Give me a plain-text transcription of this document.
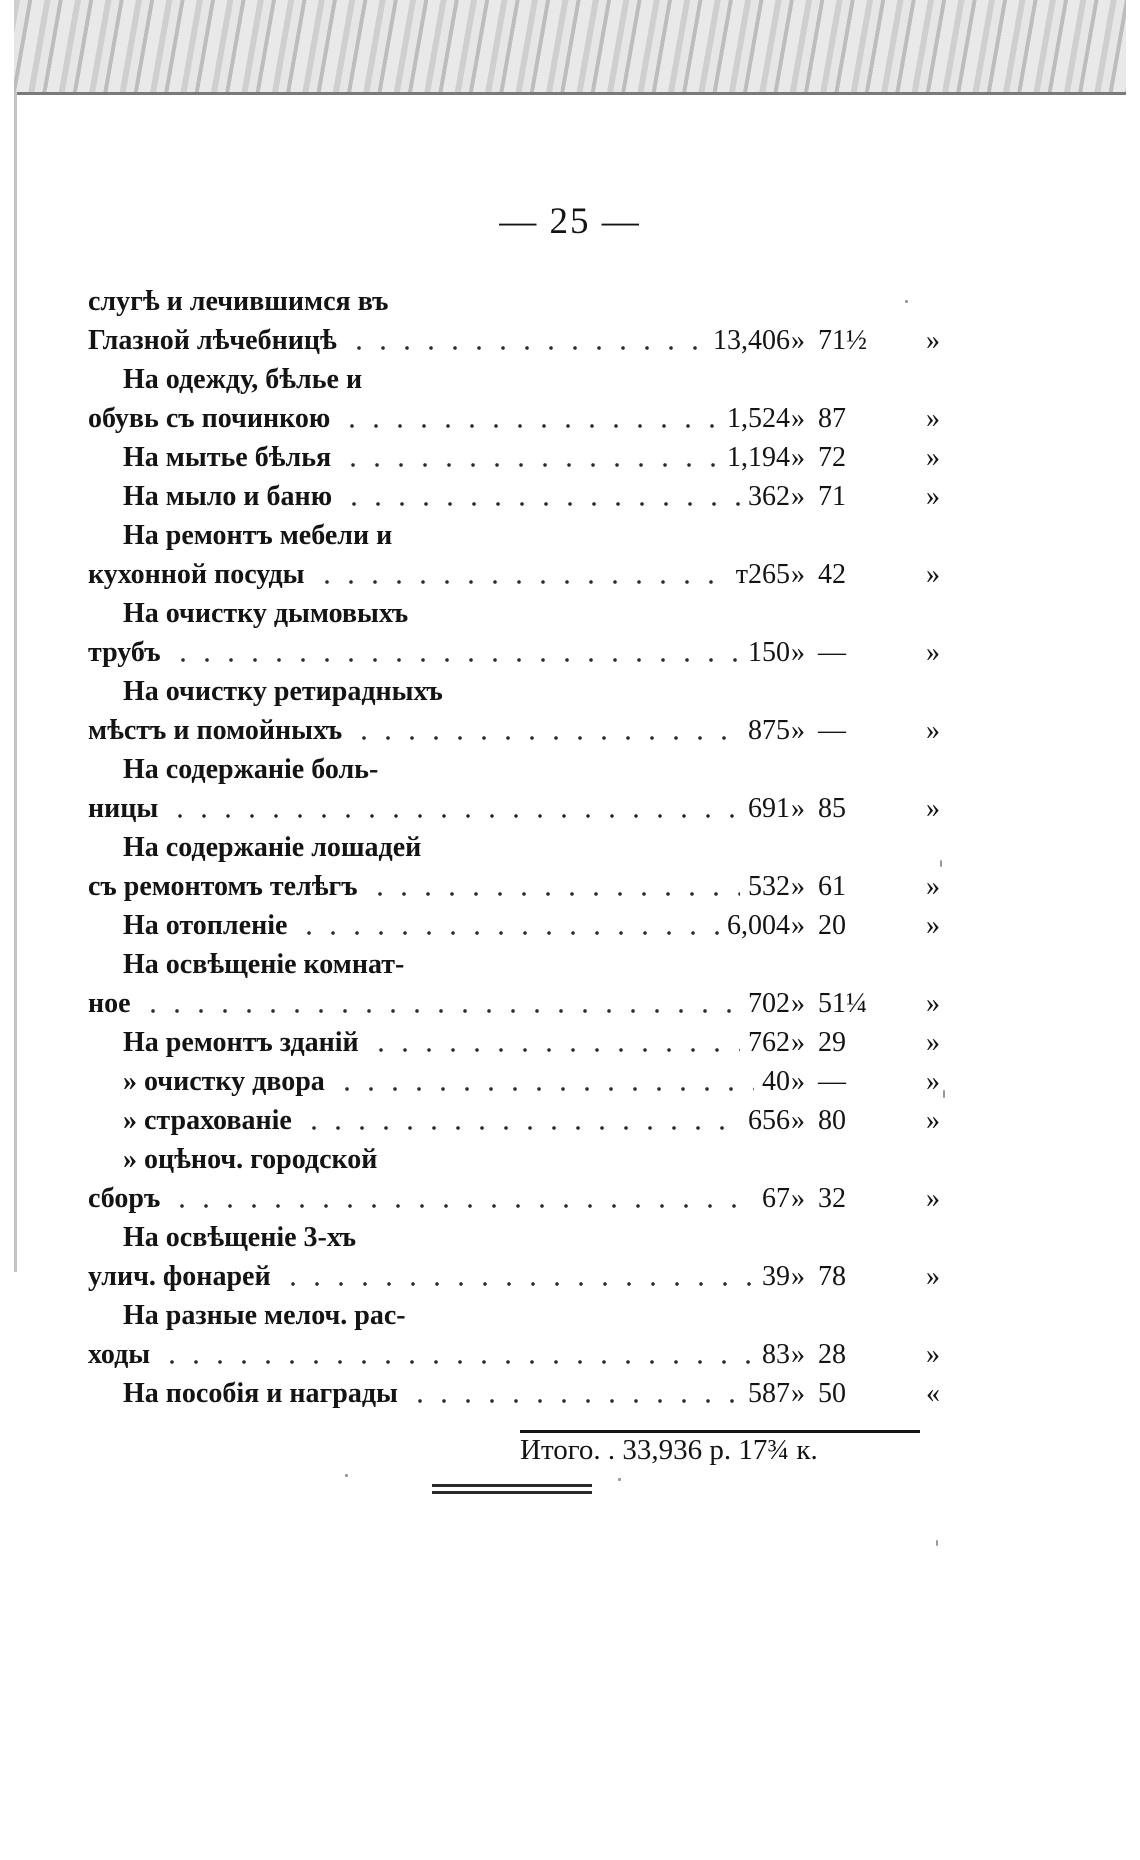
— 25 —
слугѣ и лечившимся въ
Глазной лѣчебницѣ	13,406 » 71½	»
На одежду, бѣлье и
обувь съ починкою	1,524 » 87	»
На мытье бѣлья	1,194 » 72	»
На мыло и баню	362 » 71	»
На ремонтъ мебели и
кухонной посуды	т265 » 42	»
На очистку дымовыхъ
трубъ	150 » —	»
На очистку ретирадныхъ
мѣстъ и помойныхъ	875 » —	»
На содержаніе боль-
ницы	691 » 85	»
На содержаніе лошадей
съ ремонтомъ телѣгъ	532 » 61	»
На отопленіе	6,004 » 20	»
На освѣщеніе комнат-
ное	702 » 51¼	»
На ремонтъ зданій	762 » 29	»
» очистку двора	40 » —	»
» страхованіе	656 » 80	»
» оцѣноч. городской
сборъ	67 » 32	»
На освѣщеніе 3-хъ
улич. фонарей	39 » 78	»
На разные мелоч. рас-
ходы	83 » 28	»
На пособія и награды	587 » 50	«
Итого. . 33,936 р. 17¾ к.
